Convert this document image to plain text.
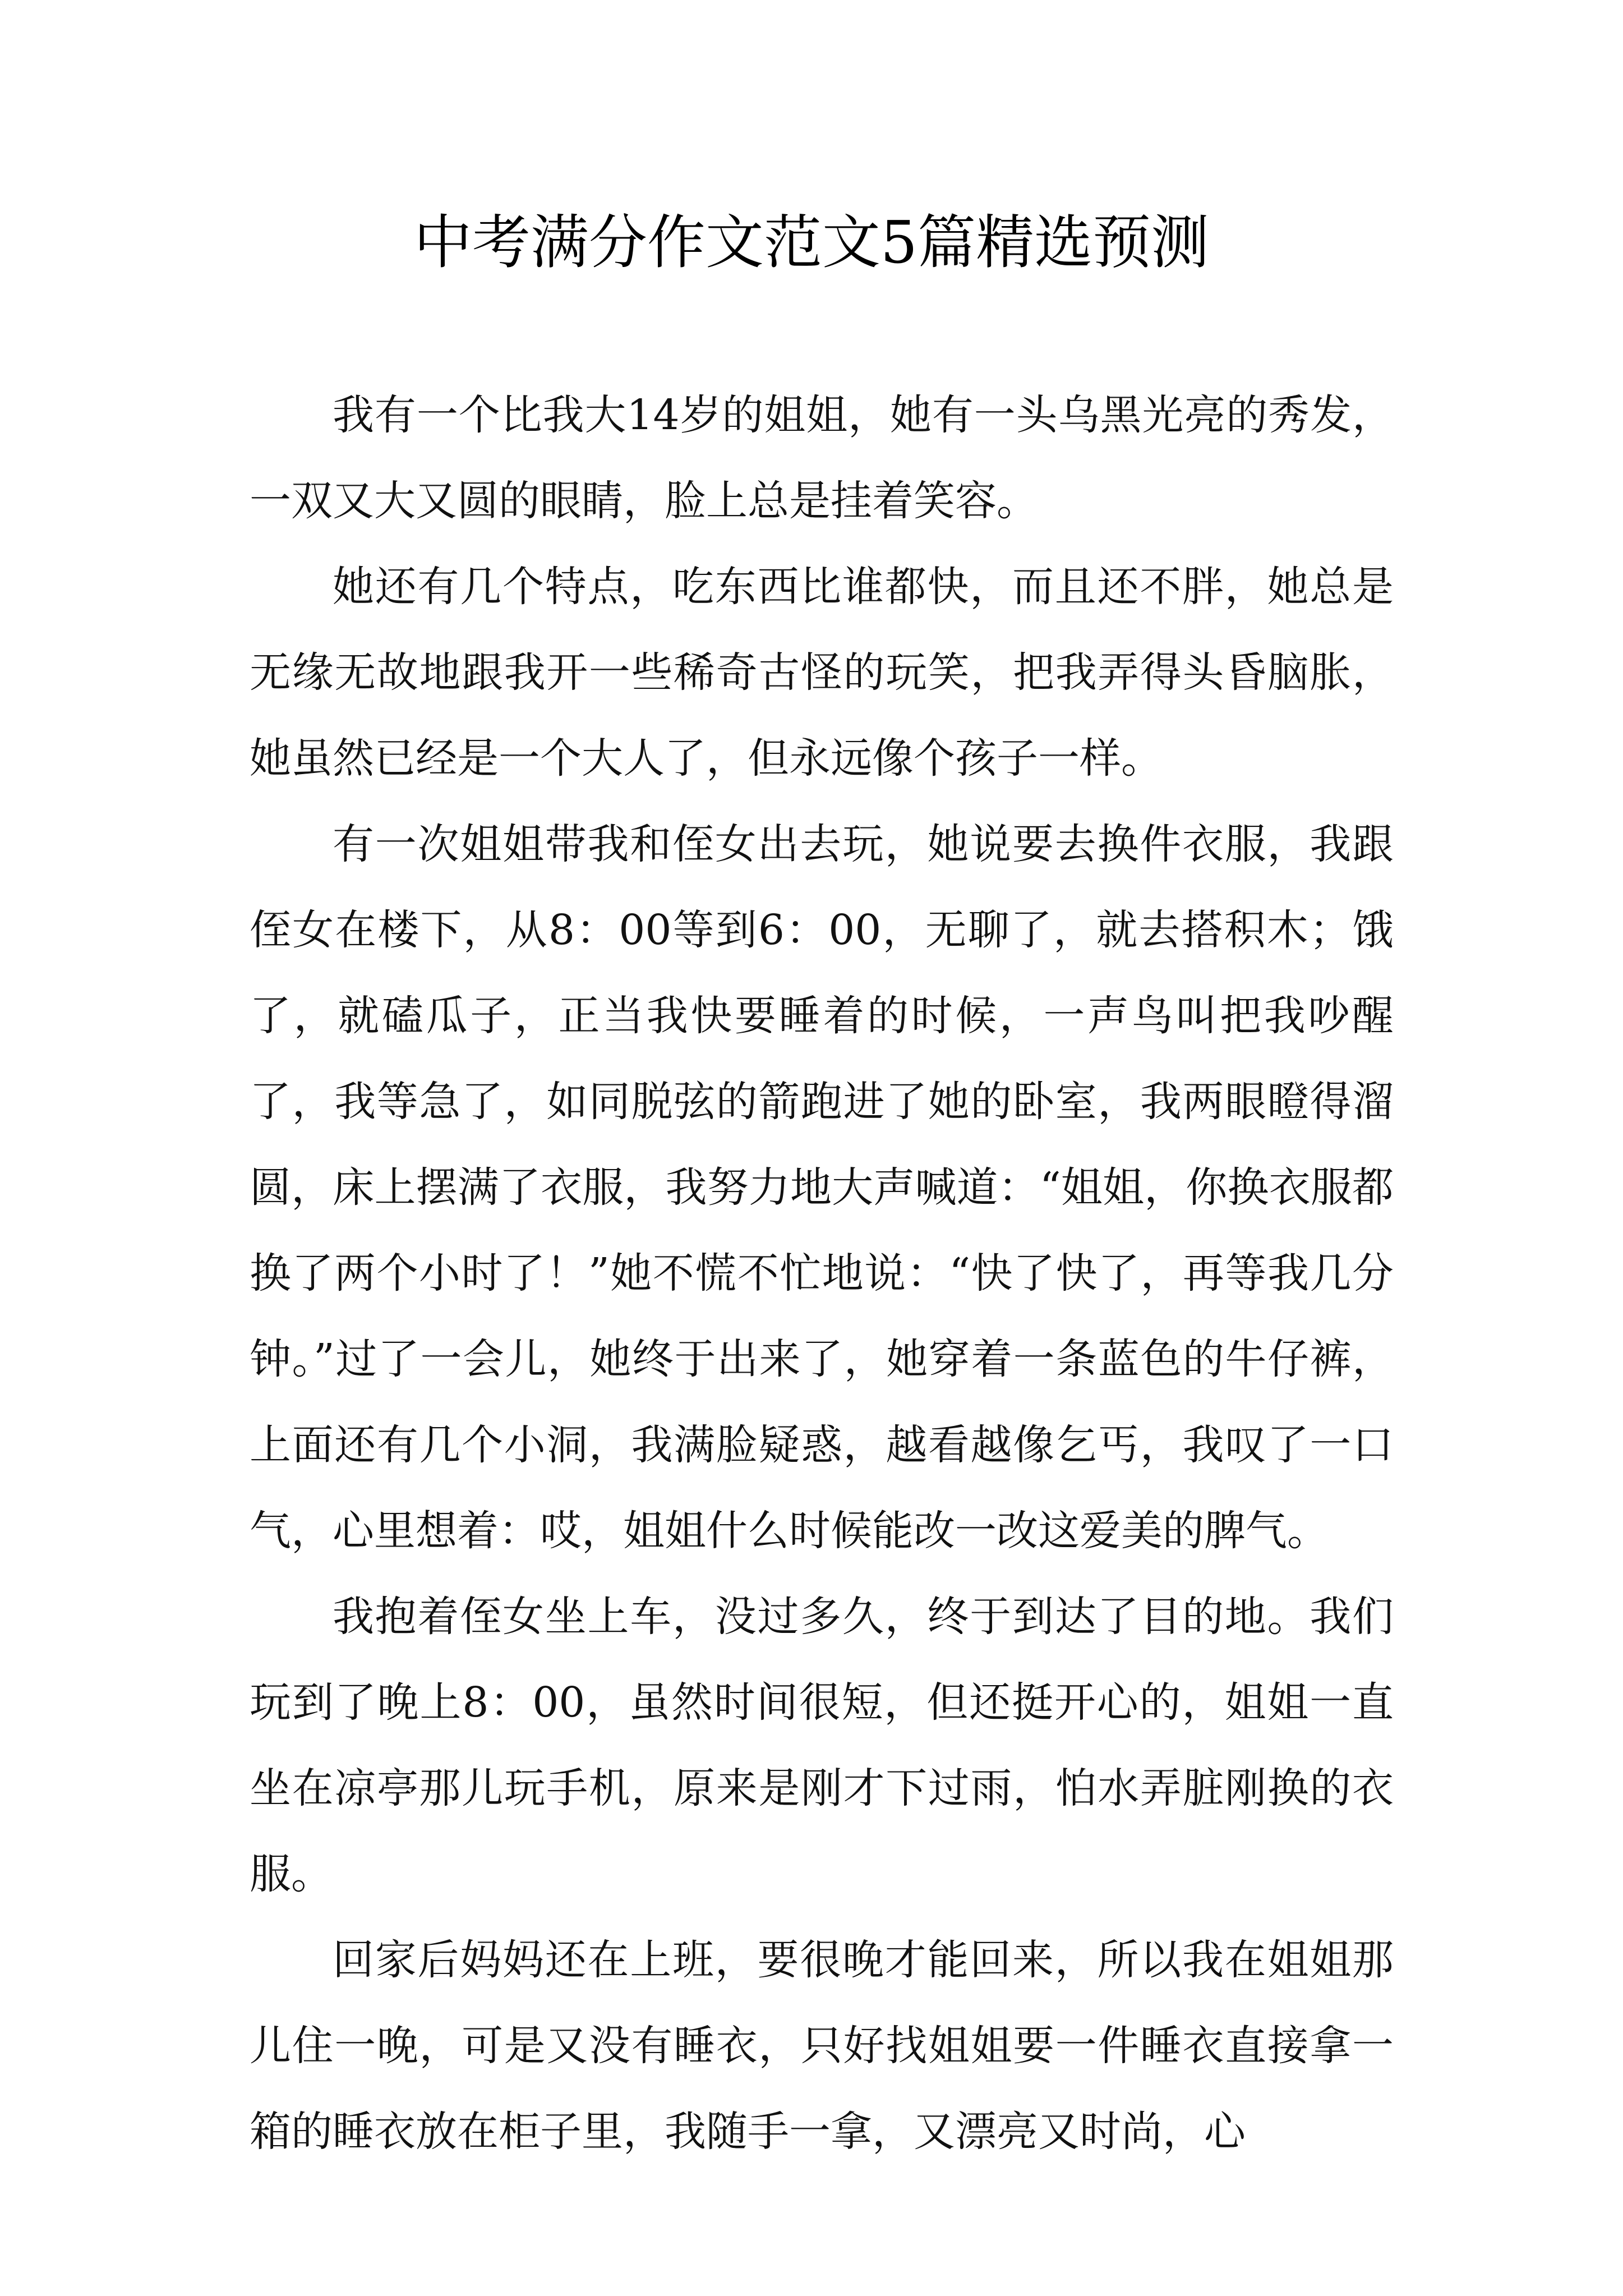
中考满分作文范文5篇精选预测

我有一个比我大14岁的姐姐，她有一头乌黑光亮的秀发，一双又大又圆的眼睛，脸上总是挂着笑容。

她还有几个特点，吃东西比谁都快，而且还不胖，她总是无缘无故地跟我开一些稀奇古怪的玩笑，把我弄得头昏脑胀，她虽然已经是一个大人了，但永远像个孩子一样。

有一次姐姐带我和侄女出去玩，她说要去换件衣服，我跟侄女在楼下，从8：00等到6：00，无聊了，就去搭积木；饿了，就磕瓜子，正当我快要睡着的时候，一声鸟叫把我吵醒了，我等急了，如同脱弦的箭跑进了她的卧室，我两眼瞪得溜圆，床上摆满了衣服，我努力地大声喊道：“姐姐，你换衣服都换了两个小时了！”她不慌不忙地说：“快了快了，再等我几分钟。”过了一会儿，她终于出来了，她穿着一条蓝色的牛仔裤，上面还有几个小洞，我满脸疑惑，越看越像乞丐，我叹了一口气，心里想着：哎，姐姐什么时候能改一改这爱美的脾气。

我抱着侄女坐上车，没过多久，终于到达了目的地。我们玩到了晚上8：00，虽然时间很短，但还挺开心的，姐姐一直坐在凉亭那儿玩手机，原来是刚才下过雨，怕水弄脏刚换的衣服。

回家后妈妈还在上班，要很晚才能回来，所以我在姐姐那儿住一晚，可是又没有睡衣，只好找姐姐要一件睡衣直接拿一箱的睡衣放在柜子里，我随手一拿，又漂亮又时尚，心
